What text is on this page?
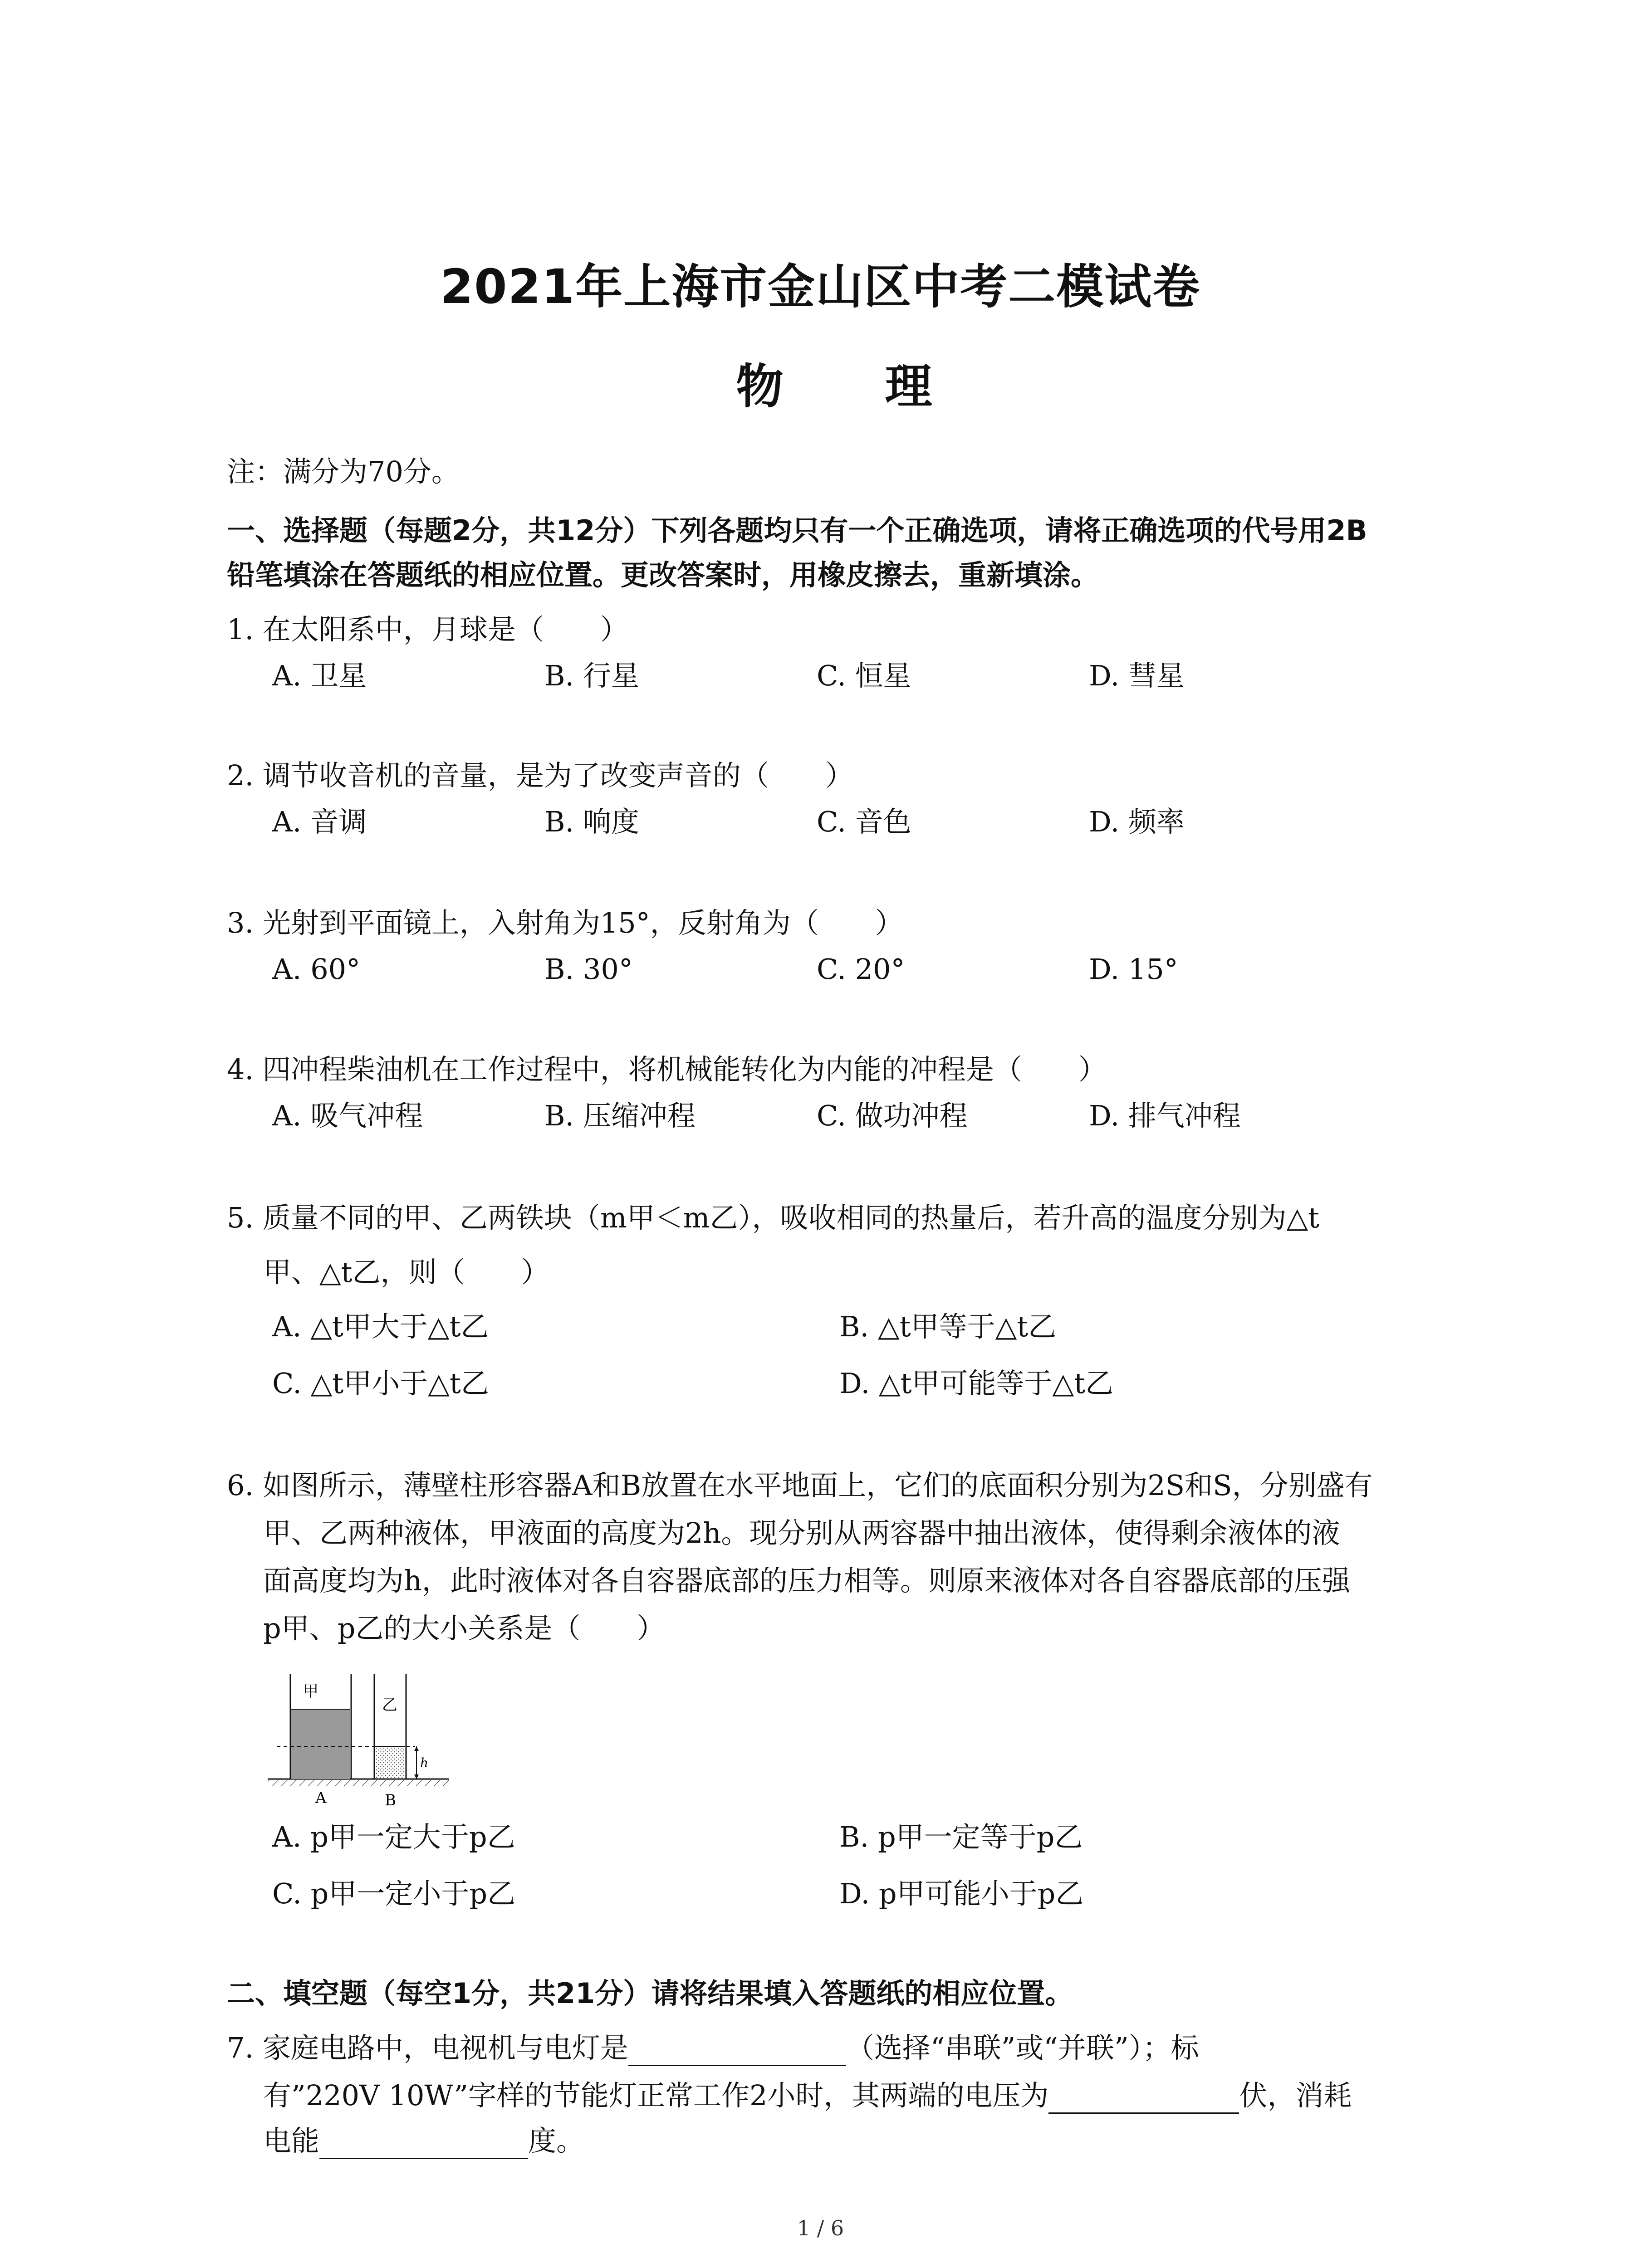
2021年上海市金山区中考二模试卷
物　理
注：满分为70分。
一、选择题（每题2分，共12分）下列各题均只有一个正确选项，请将正确选项的代号用2B
铅笔填涂在答题纸的相应位置。更改答案时，用橡皮擦去，重新填涂。
1. 在太阳系中，月球是（　　）
A. 卫星	B. 行星	C. 恒星	D. 彗星
2. 调节收音机的音量，是为了改变声音的（　　）
A. 音调	B. 响度	C. 音色	D. 频率
3. 光射到平面镜上，入射角为15°，反射角为（　　）
A. 60°	B. 30°	C. 20°	D. 15°
4. 四冲程柴油机在工作过程中，将机械能转化为内能的冲程是（　　）
A. 吸气冲程	B. 压缩冲程	C. 做功冲程	D. 排气冲程
5. 质量不同的甲、乙两铁块（m甲＜m乙），吸收相同的热量后，若升高的温度分别为△t
甲、△t乙，则（　　）
A. △t甲大于△t乙	B. △t甲等于△t乙
C. △t甲小于△t乙	D. △t甲可能等于△t乙
6. 如图所示，薄壁柱形容器A和B放置在水平地面上，它们的底面积分别为2S和S，分别盛有
甲、乙两种液体，甲液面的高度为2h。现分别从两容器中抽出液体，使得剩余液体的液
面高度均为h，此时液体对各自容器底部的压力相等。则原来液体对各自容器底部的压强
p甲、p乙的大小关系是（　　）
h
甲
乙
A	B
A. p甲一定大于p乙	B. p甲一定等于p乙
C. p甲一定小于p乙	D. p甲可能小于p乙
二、填空题（每空1分，共21分）请将结果填入答题纸的相应位置。
7. 家庭电路中，电视机与电灯是	（选择“串联”或“并联”）；标
有”220V 10W”字样的节能灯正常工作2小时，其两端的电压为	伏，消耗
电能	度。
1 / 6
